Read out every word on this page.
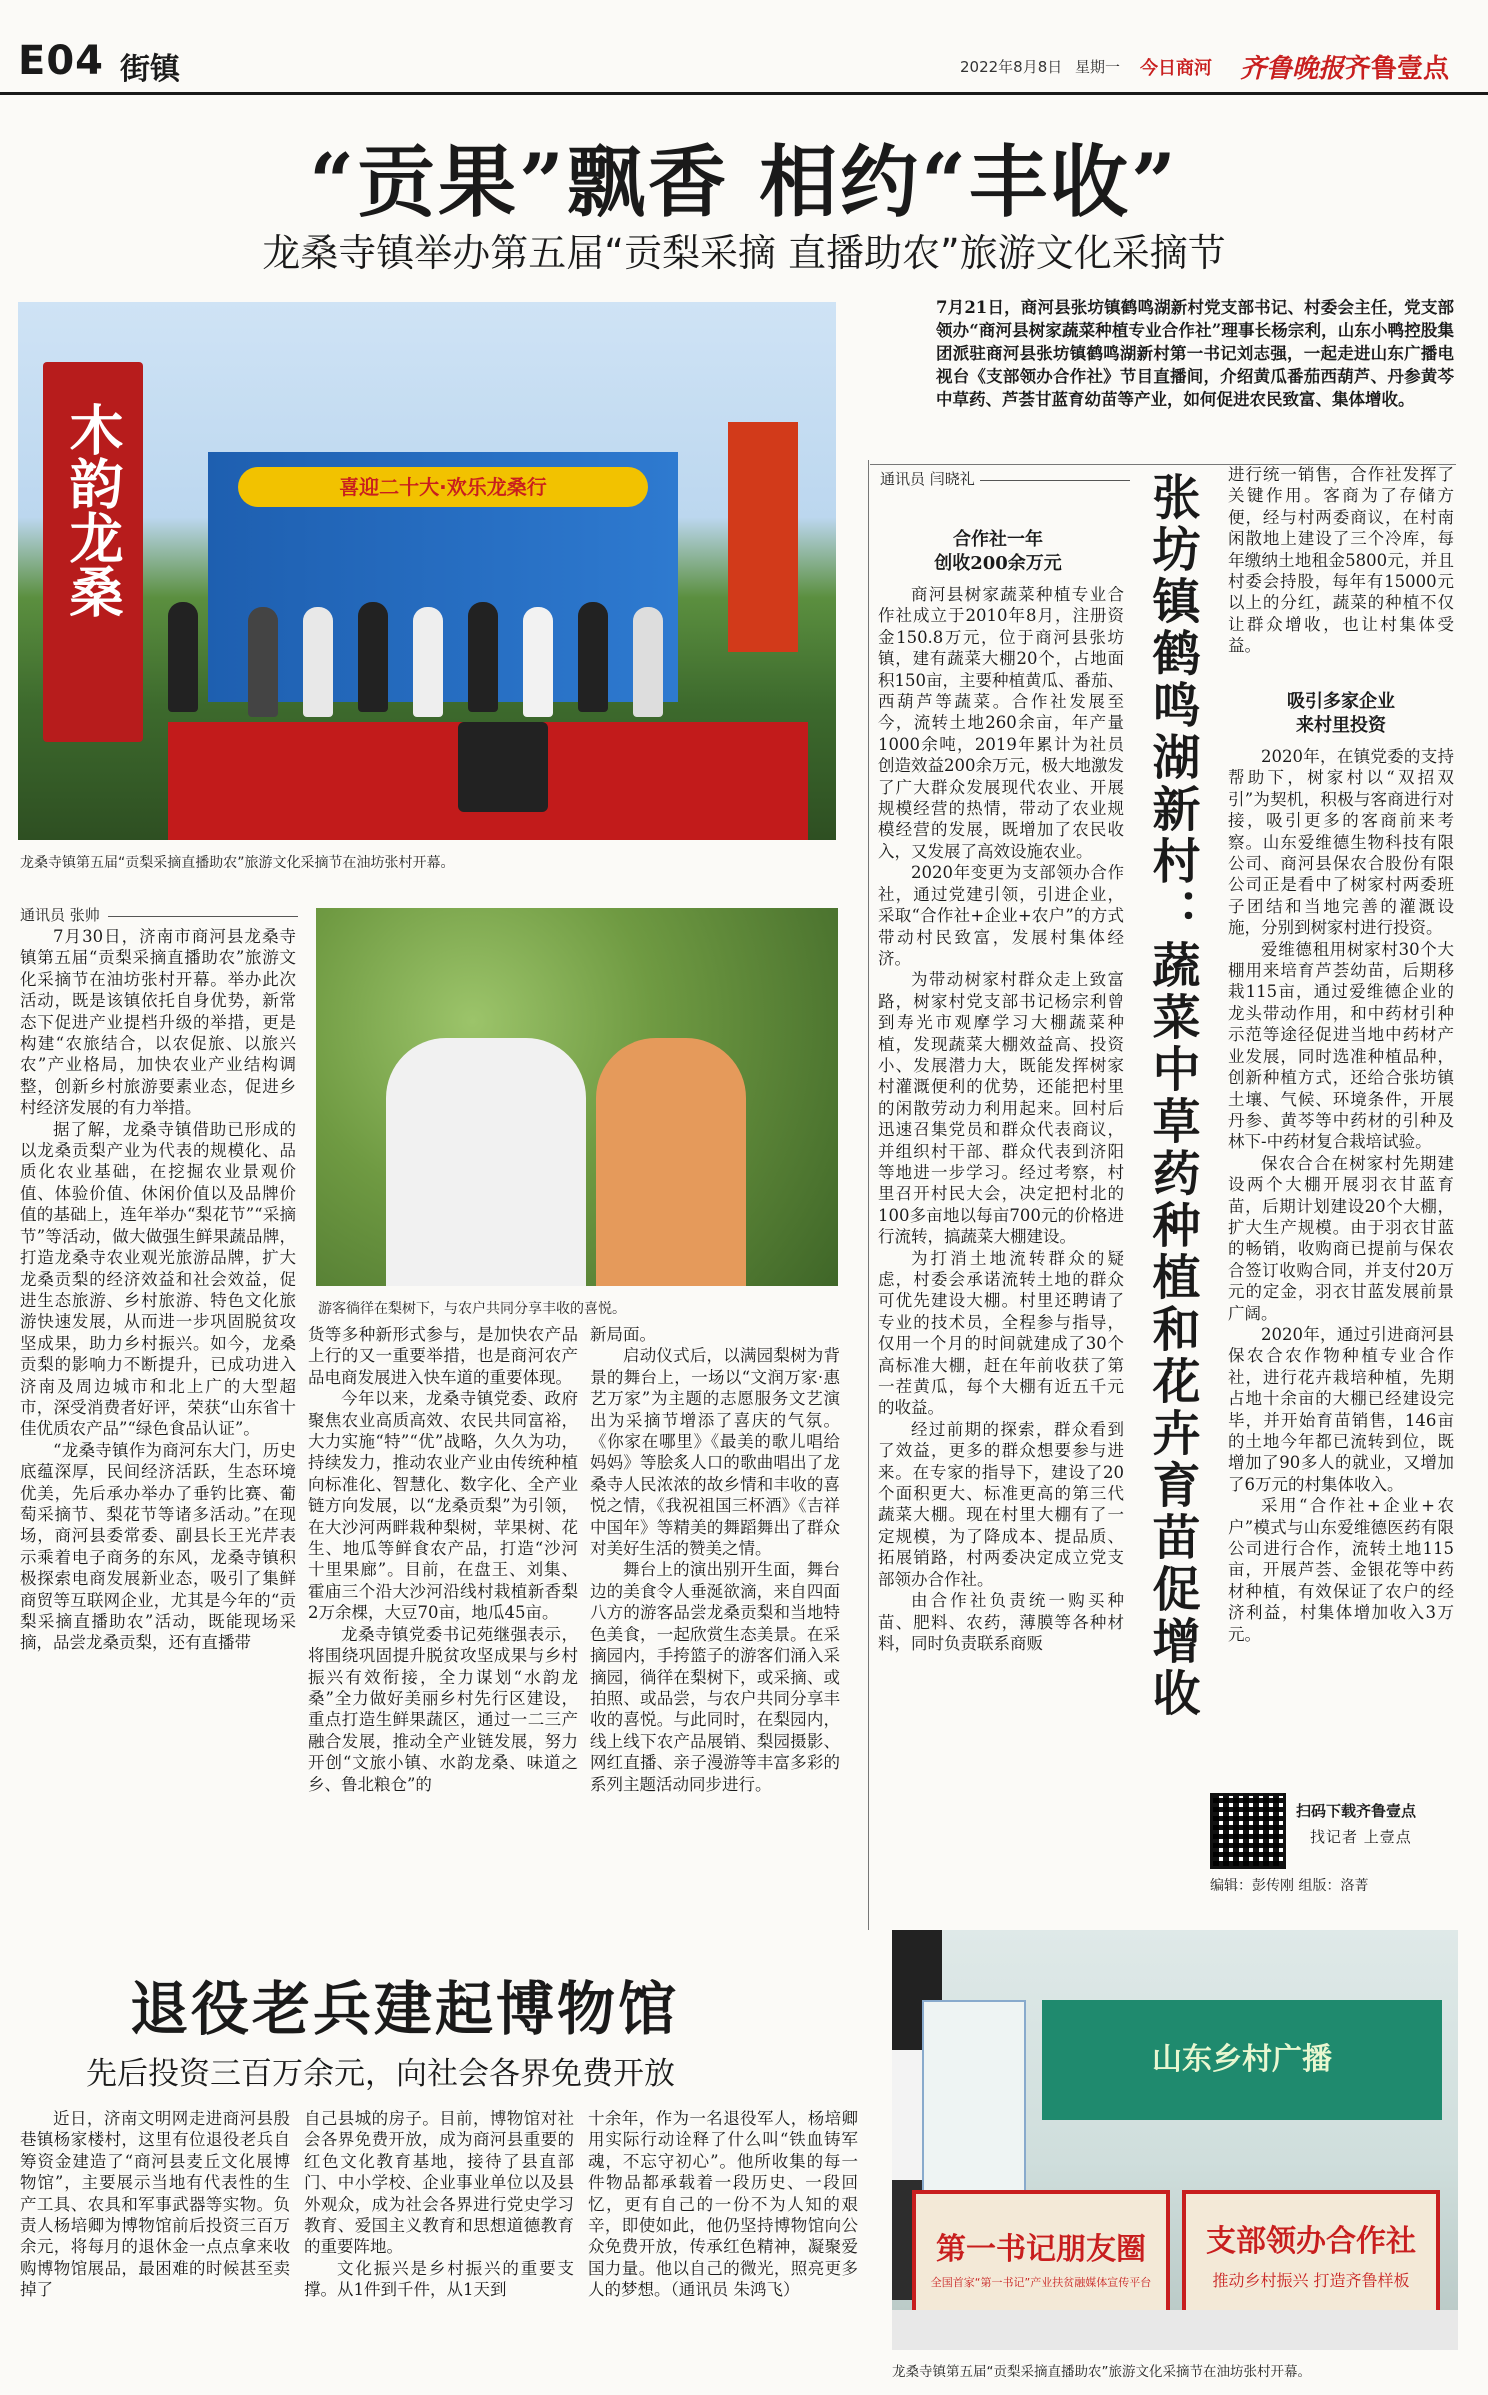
E04 街镇	2022年8月8日 星期一 今日商河 齐鲁晚报 齐鲁壹点
“贡果”飘香 相约“丰收”
龙桑寺镇举办第五届“贡梨采摘 直播助农”旅游文化采摘节
木韵龙桑	喜迎二十大·欢乐龙桑行
龙桑寺镇第五届“贡梨采摘直播助农”旅游文化采摘节在油坊张村开幕。
通讯员 张帅
游客徜徉在梨树下，与农户共同分享丰收的喜悦。

7月30日，济南市商河县龙桑寺镇第五届“贡梨采摘直播助农”旅游文化采摘节在油坊张村开幕。举办此次活动，既是该镇依托自身优势，新常态下促进产业提档升级的举措，更是构建“农旅结合，以农促旅、以旅兴农”产业格局，加快农业产业结构调整，创新乡村旅游要素业态，促进乡村经济发展的有力举措。

据了解，龙桑寺镇借助已形成的以龙桑贡梨产业为代表的规模化、品质化农业基础，在挖掘农业景观价值、体验价值、休闲价值以及品牌价值的基础上，连年举办“梨花节”“采摘节”等活动，做大做强生鲜果蔬品牌，打造龙桑寺农业观光旅游品牌，扩大龙桑贡梨的经济效益和社会效益，促进生态旅游、乡村旅游、特色文化旅游快速发展，从而进一步巩固脱贫攻坚成果，助力乡村振兴。如今，龙桑贡梨的影响力不断提升，已成功进入济南及周边城市和北上广的大型超市，深受消费者好评，荣获“山东省十佳优质农产品”“绿色食品认证”。

“龙桑寺镇作为商河东大门，历史底蕴深厚，民间经济活跃，生态环境优美，先后承办举办了垂钓比赛、葡萄采摘节、梨花节等诸多活动。”在现场，商河县委常委、副县长王光芹表示乘着电子商务的东风，龙桑寺镇积极探索电商发展新业态，吸引了集鲜商贸等互联网企业，尤其是今年的“贡梨采摘直播助农”活动，既能现场采摘，品尝龙桑贡梨，还有直播带

货等多种新形式参与，是加快农产品上行的又一重要举措，也是商河农产品电商发展进入快车道的重要体现。

今年以来，龙桑寺镇党委、政府聚焦农业高质高效、农民共同富裕，大力实施“特”“优”战略，久久为功，持续发力，推动农业产业由传统种植向标准化、智慧化、数字化、全产业链方向发展，以“龙桑贡梨”为引领，在大沙河两畔栽种梨树，苹果树、花生、地瓜等鲜食农产品，打造“沙河十里果廊”。目前，在盘王、刘集、霍庙三个沿大沙河沿线村栽植新香梨2万余棵，大豆70亩，地瓜45亩。

龙桑寺镇党委书记苑继强表示，将围绕巩固提升脱贫攻坚成果与乡村振兴有效衔接，全力谋划“水韵龙桑”全力做好美丽乡村先行区建设，重点打造生鲜果蔬区，通过一二三产融合发展，推动全产业链发展，努力开创“文旅小镇、水韵龙桑、味道之乡、鲁北粮仓”的

新局面。

启动仪式后，以满园梨树为背景的舞台上，一场以“文润万家·惠艺万家”为主题的志愿服务文艺演出为采摘节增添了喜庆的气氛。《你家在哪里》《最美的歌儿唱给妈妈》等脍炙人口的歌曲唱出了龙桑寺人民浓浓的故乡情和丰收的喜悦之情，《我祝祖国三杯酒》《吉祥中国年》等精美的舞蹈舞出了群众对美好生活的赞美之情。

舞台上的演出别开生面，舞台边的美食令人垂涎欲滴，来自四面八方的游客品尝龙桑贡梨和当地特色美食，一起欣赏生态美景。在采摘园内，手挎篮子的游客们涌入采摘园，徜徉在梨树下，或采摘、或拍照、或品尝，与农户共同分享丰收的喜悦。与此同时，在梨园内，线上线下农产品展销、梨园摄影、网红直播、亲子漫游等丰富多彩的系列主题活动同步进行。

7月21日，商河县张坊镇鹤鸣湖新村党支部书记、村委会主任，党支部领办“商河县树家蔬菜种植专业合作社”理事长杨宗利，山东小鸭控股集团派驻商河县张坊镇鹤鸣湖新村第一书记刘志强，一起走进山东广播电视台《支部领办合作社》节目直播间，介绍黄瓜番茄西葫芦、丹参黄芩中草药、芦荟甘蓝育幼苗等产业，如何促进农民致富、集体增收。
通讯员 闫晓礼	张坊镇鹤鸣湖新村：蔬菜中草药种植和花卉育苗促增收
合作社一年
创收200余万元

商河县树家蔬菜种植专业合作社成立于2010年8月，注册资金150.8万元，位于商河县张坊镇，建有蔬菜大棚20个，占地面积150亩，主要种植黄瓜、番茄、西葫芦等蔬菜。合作社发展至今，流转土地260余亩，年产量1000余吨，2019年累计为社员创造效益200余万元，极大地激发了广大群众发展现代农业、开展规模经营的热情，带动了农业规模经营的发展，既增加了农民收入，又发展了高效设施农业。

2020年变更为支部领办合作社，通过党建引领，引进企业，采取“合作社+企业+农户”的方式带动村民致富，发展村集体经济。

为带动树家村群众走上致富路，树家村党支部书记杨宗利曾到寿光市观摩学习大棚蔬菜种植，发现蔬菜大棚效益高、投资小、发展潜力大，既能发挥树家村灌溉便利的优势，还能把村里的闲散劳动力利用起来。回村后迅速召集党员和群众代表商议，并组织村干部、群众代表到济阳等地进一步学习。经过考察，村里召开村民大会，决定把村北的100多亩地以每亩700元的价格进行流转，搞蔬菜大棚建设。

为打消土地流转群众的疑虑，村委会承诺流转土地的群众可优先建设大棚。村里还聘请了专业的技术员，全程参与指导，仅用一个月的时间就建成了30个高标准大棚，赶在年前收获了第一茬黄瓜，每个大棚有近五千元的收益。

经过前期的探索，群众看到了效益，更多的群众想要参与进来。在专家的指导下，建设了20个面积更大、标准更高的第三代蔬菜大棚。现在村里大棚有了一定规模，为了降成本、提品质、拓展销路，村两委决定成立党支部领办合作社。

由合作社负责统一购买种苗、肥料、农药，薄膜等各种材料，同时负责联系商贩

进行统一销售，合作社发挥了关键作用。客商为了存储方便，经与村两委商议，在村南闲散地上建设了三个冷库，每年缴纳土地租金5800元，并且村委会持股，每年有15000元以上的分红，蔬菜的种植不仅让群众增收，也让村集体受益。

吸引多家企业
来村里投资

2020年，在镇党委的支持帮助下，树家村以“双招双引”为契机，积极与客商进行对接，吸引更多的客商前来考察。山东爱维德生物科技有限公司、商河县保农合股份有限公司正是看中了树家村两委班子团结和当地完善的灌溉设施，分别到树家村进行投资。

爱维德租用树家村30个大棚用来培育芦荟幼苗，后期移栽115亩，通过爱维德企业的龙头带动作用，和中药材引种示范等途径促进当地中药材产业发展，同时选准种植品种，创新种植方式，还给合张坊镇土壤、气候、环境条件，开展丹参、黄芩等中药材的引种及林下-中药材复合栽培试验。

保农合合在树家村先期建设两个大棚开展羽衣甘蓝育苗，后期计划建设20个大棚，扩大生产规模。由于羽衣甘蓝的畅销，收购商已提前与保农合签订收购合同，并支付20万元的定金，羽衣甘蓝发展前景广阔。

2020年，通过引进商河县保农合农作物种植专业合作社，进行花卉栽培种植，先期占地十余亩的大棚已经建设完毕，并开始育苗销售，146亩的土地今年都已流转到位，既增加了90多人的就业，又增加了6万元的村集体收入。

采用“合作社+企业+农户”模式与山东爱维德医药有限公司进行合作，流转土地115亩，开展芦荟、金银花等中药材种植，有效保证了农户的经济利益，村集体增加收入3万元。

扫码下载齐鲁壹点
找记者 上壹点
编辑：彭传刚 组版：洛菁
山东乡村广播
第一书记朋友圈
全国首家“第一书记”产业扶贫融媒体宣传平台
支部领办合作社
推动乡村振兴 打造齐鲁样板
龙桑寺镇第五届“贡梨采摘直播助农”旅游文化采摘节在油坊张村开幕。
退役老兵建起博物馆
先后投资三百万余元，向社会各界免费开放

近日，济南文明网走进商河县殷巷镇杨家楼村，这里有位退役老兵自筹资金建造了“商河县麦丘文化展博物馆”，主要展示当地有代表性的生产工具、农具和军事武器等实物。负责人杨培卿为博物馆前后投资三百万余元，将每月的退休金一点点拿来收购博物馆展品，最困难的时候甚至卖掉了

自己县城的房子。目前，博物馆对社会各界免费开放，成为商河县重要的红色文化教育基地，接待了县直部门、中小学校、企业事业单位以及县外观众，成为社会各界进行党史学习教育、爱国主义教育和思想道德教育的重要阵地。

文化振兴是乡村振兴的重要支撑。从1件到千件，从1天到

十余年，作为一名退役军人，杨培卿用实际行动诠释了什么叫“铁血铸军魂，不忘守初心”。他所收集的每一件物品都承载着一段历史、一段回忆，更有自己的一份不为人知的艰辛，即使如此，他仍坚持博物馆向公众免费开放，传承红色精神，凝聚爱国力量。他以自己的微光，照亮更多人的梦想。（通讯员 朱鸿飞）
